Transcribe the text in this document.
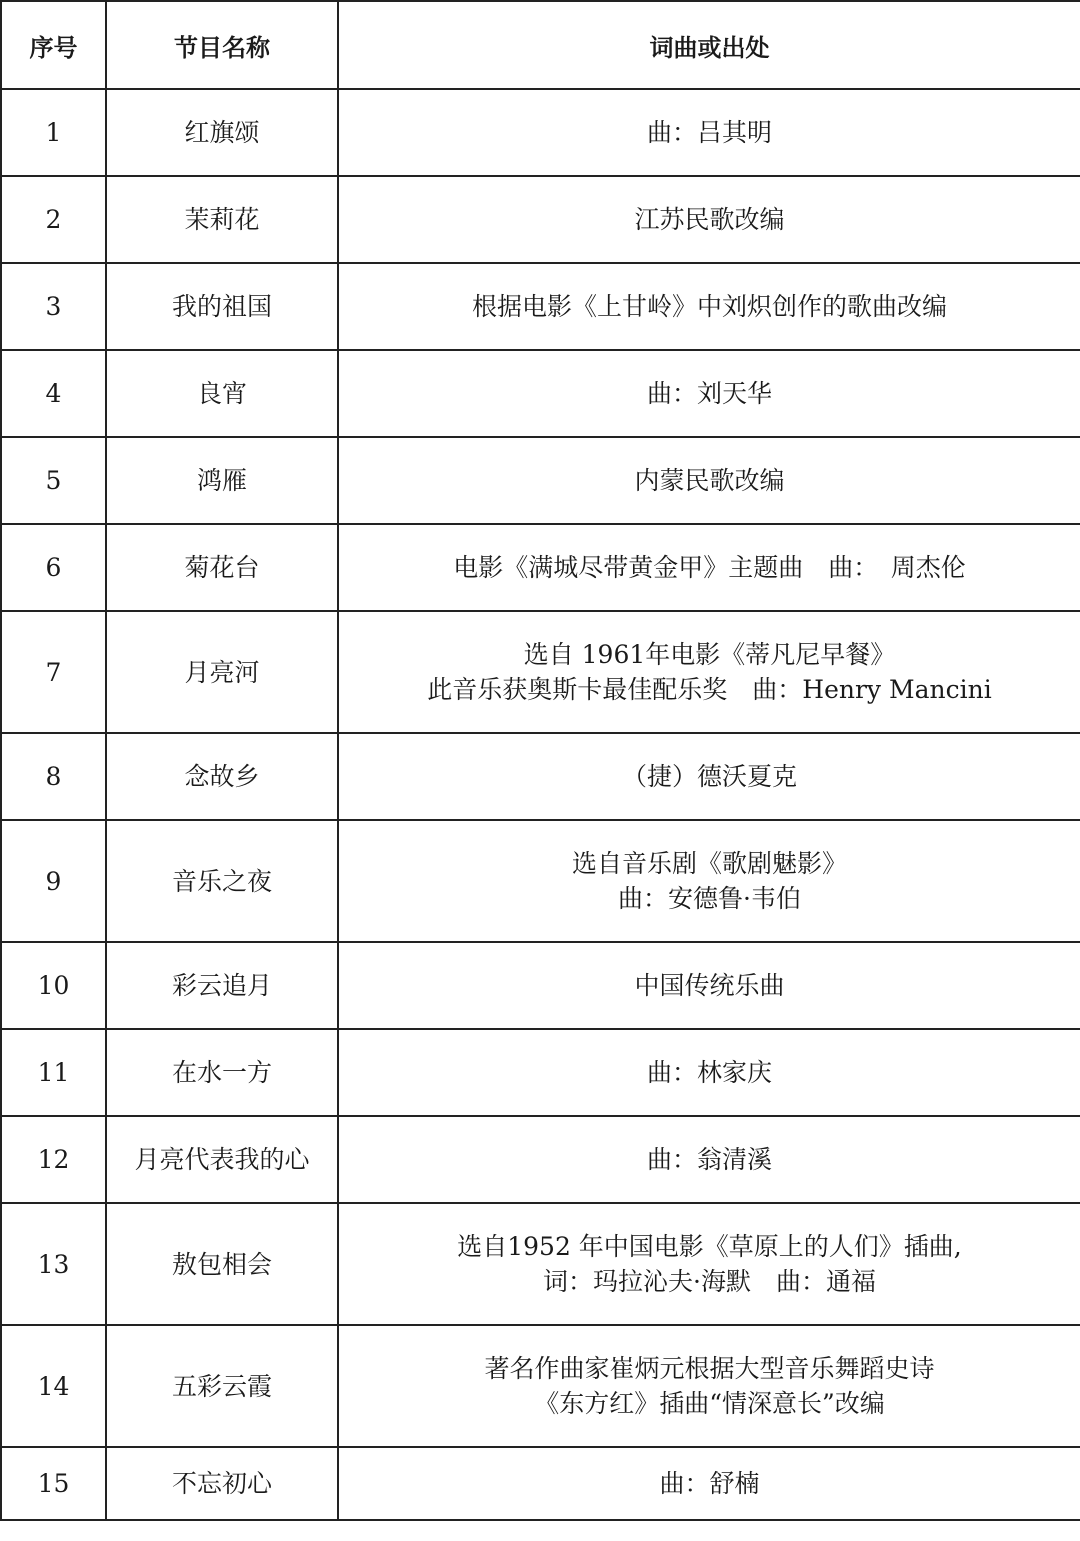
序号	节目名称	词曲或出处
1	红旗颂	曲：吕其明

2	茉莉花	江苏民歌改编

3	我的祖国	根据电影《上甘岭》中刘炽创作的歌曲改编

4	良宵	曲：刘天华

5	鸿雁	内蒙民歌改编

6	菊花台	电影《满城尽带黄金甲》主题曲　曲：　周杰伦

7	月亮河	选自 1961年电影《蒂凡尼早餐》
此音乐获奥斯卡最佳配乐奖　曲：Henry Mancini

8	念故乡	（捷）德沃夏克

9	音乐之夜	选自音乐剧《歌剧魅影》
曲：安德鲁·韦伯

10	彩云追月	中国传统乐曲

11	在水一方	曲：林家庆

12	月亮代表我的心	曲：翁清溪

13	敖包相会	选自1952 年中国电影《草原上的人们》插曲,
词：玛拉沁夫·海默　曲：通福

14	五彩云霞	著名作曲家崔炳元根据大型音乐舞蹈史诗
《东方红》插曲“情深意长”改编

15	不忘初心	曲：舒楠
